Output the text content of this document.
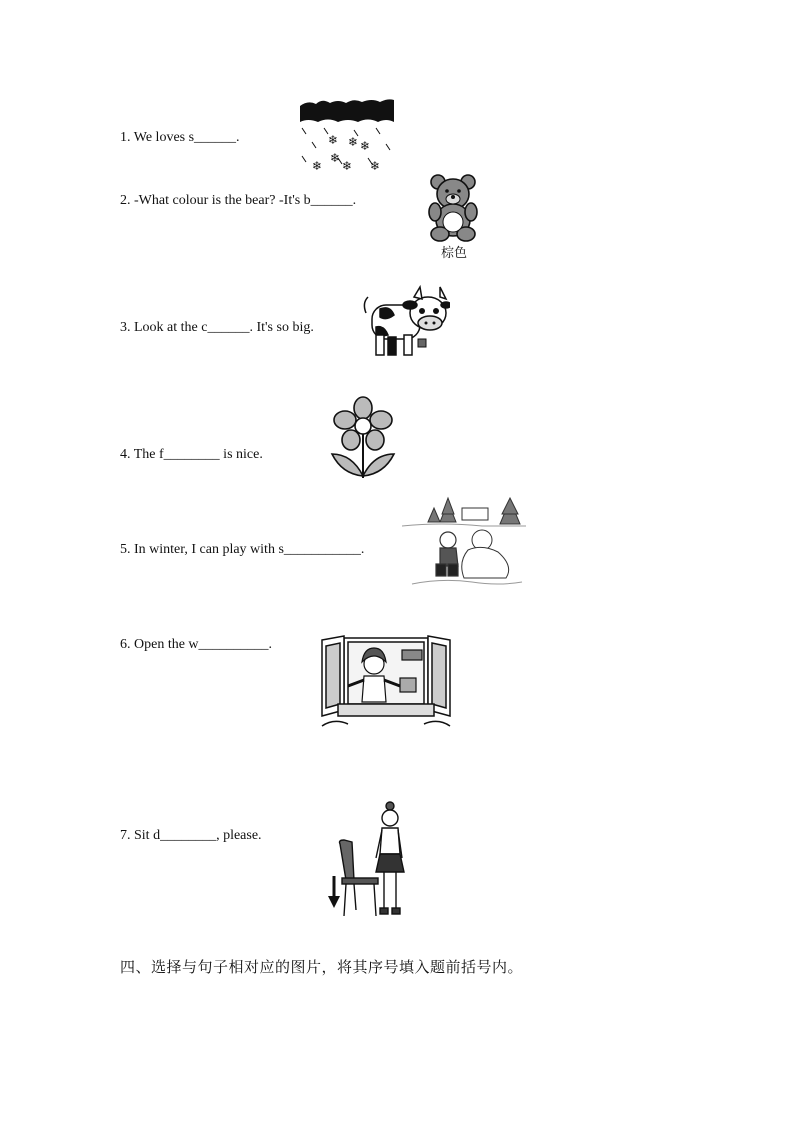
1. We loves s______.
2. -What colour is the bear? -It's b______.
3. Look at the c______. It's so big.
4. The f________ is nice.
5. In winter, I can play with s___________.
6. Open the w__________.
7. Sit d________, please.
❄ ❄ ❄
❄ ❄ ❄
❄
棕色
四、选择与句子相对应的图片，将其序号填入题前括号内。
